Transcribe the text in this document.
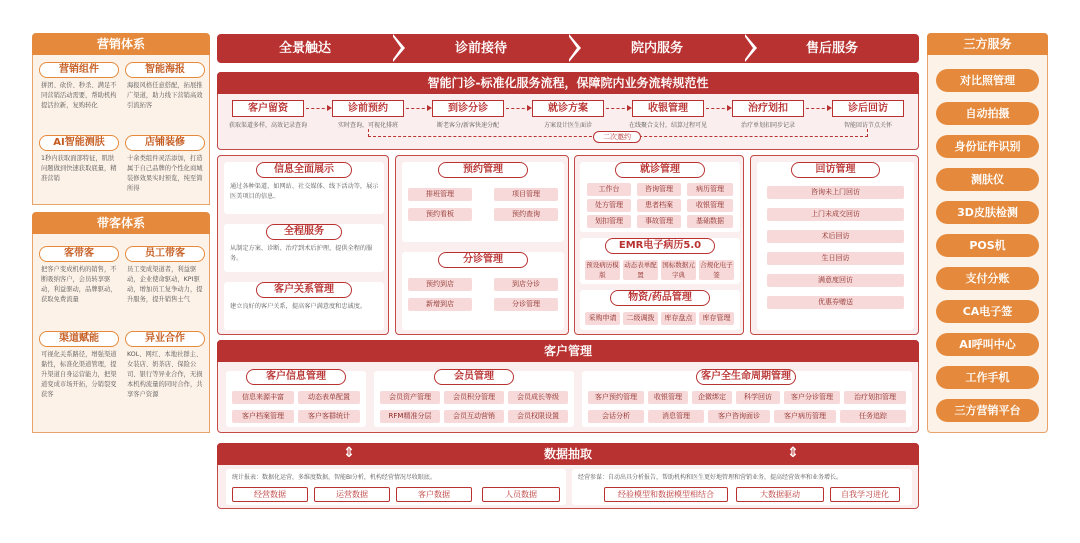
营销体系
营销组件
拼团、砍价、秒杀、满足不同营销活动需要，帮助机构提活拉新，复购转化
智能海报
海报风格任意搭配，拓展推广渠道，助力线下营销高效引流拓客
AI智能测肤
1秒内获取面部特征，肌肤问题做到快速获取底量，精准营销
店铺装修
十余类组件灵活添加，打造属于自己品牌的个性化商城装修效果实时预览，纯至简所得
带客体系
客带客
把客户变成机构的销售，不断吸纳客户，会员转享驱动，利益驱动，品牌驱动，获取免费流量
员工带客
员工变成渠道者，利益驱动，企业使命驱动，KPI驱动，增加员工复争动力，提升服务，提升销售士气
渠道赋能
可视化关系路径，增强渠道黏性，标准化渠道管理，提升渠道自身运营能力，把渠道变成市场开拓，分销裂变获客
异业合作
KOL、网红、本地社群主、女装店、奶茶店、保险公司、银行等异业合作，无损本机构流量的同时合作，共享客户资源
全景触达	诊前接待	院内服务	售后服务
智能门诊-标准化服务流程，保障院内业务流转规范性
客户留资
获取渠道多样，高效记录查询
诊前预约
实时查询，可视化排班
到诊分诊
断老客分/新客快速分配
就诊方案
方案设计医生面诊
收银管理
在线聚合支付，结算过程可见
治疗划扣
治疗单划扣同步记录
诊后回访
智能回访节点关怀
二次邀约
信息全面展示
通过各种渠道，如网站、社交媒体、线下活动等，展示医美项目的信息。
全程服务
从制定方案、诊断、治疗到术后护理，提供全程的服务。
客户关系管理
建立良好的客户关系，提高客户满意度和忠诚度。
预约管理
排班管理	项目管理
预约看板	预约查询
分诊管理
预约到店	到店分诊
新增到店	分诊管理
就诊管理
工作台	咨询管理	病历管理
处方管理	患者档案	收银管理
划扣管理	事故管理	基础数据
EMR电子病历5.0
预设病历模版
动态表单配置
国标数据元字典
合规化电子签
物资/药品管理
采购申请	二级调拨	库存盘点	库存管理
回访管理
咨询未上门回访
上门未成交回访
术后回访
生日回访
满意度回访
优惠券赠送
客户管理
客户信息管理
信息来源丰富	动态表单配置
客户档案管理	客户客群统计
会员管理
会员资产管理	会员积分管理	会员成长等级
RFM精准分层	会员互动营销	会员权限设置
客户全生命周期管理
客户预约管理	收银管理	企微绑定	科学回访	客户分诊管理	治疗划扣管理
会话分析	消息管理	客户咨询面诊	客户病历管理	任务追踪
数据抽取
统计报表：数据化运营，多维度数据，智能BI分析，机构经营情况尽收眼底。
经营数据	运营数据	客户数据	人员数据
经营参谋：自动出具分析报告，帮助机构和医生更好地管理和营销业务，提高经营效率和业务增长。
经验模型和数据模型相结合	大数据驱动	自我学习进化
⇕	⇕
三方服务
对比照管理
自动拍摄
身份证件识别
测肤仪
3D皮肤检测
POS机
支付分账
CA电子签
AI呼叫中心
工作手机
三方营销平台
